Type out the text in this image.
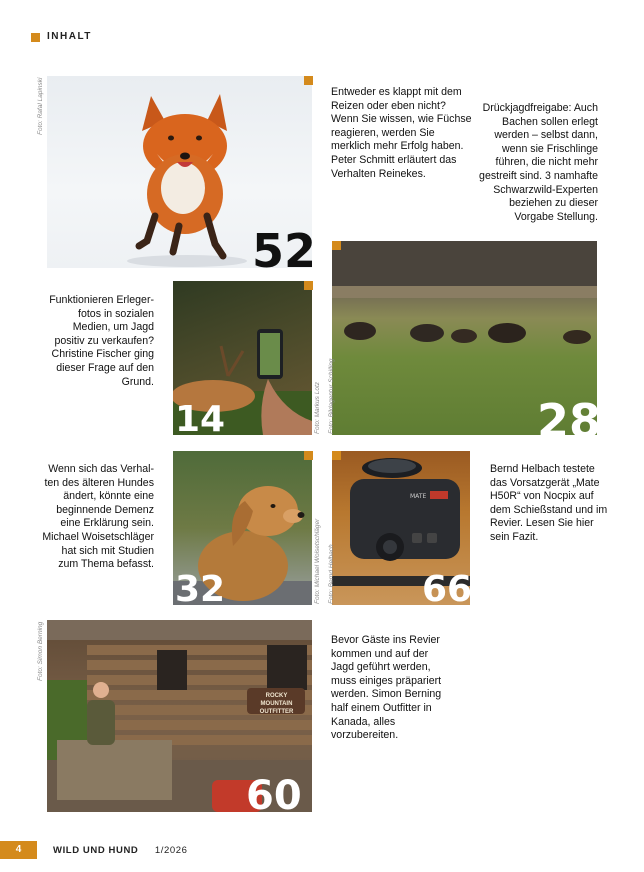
INHALT
Foto: Rafal Lapinski
52
Entweder es klappt mit dem Reizen oder eben nicht? Wenn Sie wissen, wie Füchse reagieren, werden Sie merklich mehr Erfolg haben. Peter Schmitt erläutert das Verhalten Reinekes.
Drückjagdfreigabe: Auch Bachen sollen erlegt werden – selbst dann, wenn sie Frischlinge führen, die nicht mehr gestreift sind. 3 namhafte Schwarzwild-Experten beziehen zu dieser Vorgabe Stellung.
Foto: Bildagentur Schilling	28
Funktionieren Erleger-fotos in sozialen Medien, um Jagd positiv zu verkaufen? Christine Fischer ging dieser Frage auf den Grund.
Foto: Markus Lotz
14
Wenn sich das Verhal-ten des älteren Hundes ändert, könnte eine beginnende Demenz eine Erklärung sein. Michael Woisetschläger hat sich mit Studien zum Thema befasst.	Foto: Michael Woisetschläger
32
MATE
Foto: Bernd Helbach 66
Bernd Helbach testete das Vorsatzgerät „Mate H50R“ von Nocpix auf dem Schießstand und im Revier. Lesen Sie hier sein Fazit.
ROCKY MOUNTAIN OUTFITTER
Foto: Simon Berning
60
Bevor Gäste ins Revier kommen und auf der Jagd geführt werden, muss einiges präpariert werden. Simon Berning half einem Outfitter in Kanada, alles vorzubereiten.
4	WILD UND HUND 1/2026
